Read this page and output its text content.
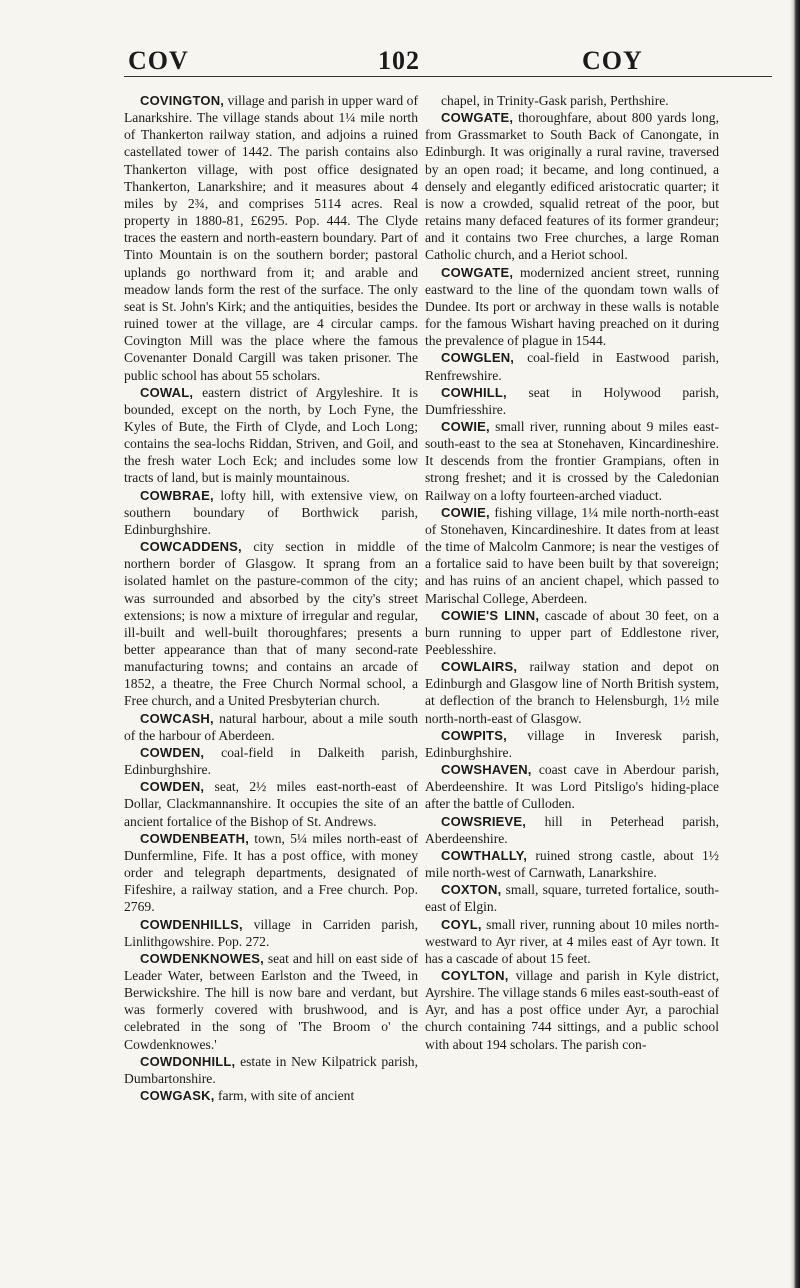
COV	102	COY

COVINGTON, village and parish in upper ward of Lanarkshire. The village stands about 1¼ mile north of Thankerton railway station, and adjoins a ruined castellated tower of 1442. The parish contains also Thankerton village, with post office designated Thankerton, Lanarkshire; and it measures about 4 miles by 2¾, and comprises 5114 acres. Real property in 1880-81, £6295. Pop. 444. The Clyde traces the eastern and north-eastern boundary. Part of Tinto Mountain is on the southern border; pastoral uplands go northward from it; and arable and meadow lands form the rest of the surface. The only seat is St. John's Kirk; and the antiquities, besides the ruined tower at the village, are 4 circular camps. Covington Mill was the place where the famous Covenanter Donald Cargill was taken prisoner. The public school has about 55 scholars.

COWAL, eastern district of Argyleshire. It is bounded, except on the north, by Loch Fyne, the Kyles of Bute, the Firth of Clyde, and Loch Long; contains the sea-lochs Riddan, Striven, and Goil, and the fresh water Loch Eck; and includes some low tracts of land, but is mainly mountainous.

COWBRAE, lofty hill, with extensive view, on southern boundary of Borthwick parish, Edinburghshire.

COWCADDENS, city section in middle of northern border of Glasgow. It sprang from an isolated hamlet on the pasture-common of the city; was surrounded and absorbed by the city's street extensions; is now a mixture of irregular and regular, ill-built and well-built thoroughfares; presents a better appearance than that of many second-rate manufacturing towns; and contains an arcade of 1852, a theatre, the Free Church Normal school, a Free church, and a United Presbyterian church.

COWCASH, natural harbour, about a mile south of the harbour of Aberdeen.

COWDEN, coal-field in Dalkeith parish, Edinburghshire.

COWDEN, seat, 2½ miles east-north-east of Dollar, Clackmannanshire. It occupies the site of an ancient fortalice of the Bishop of St. Andrews.

COWDENBEATH, town, 5¼ miles north-east of Dunfermline, Fife. It has a post office, with money order and telegraph departments, designated of Fifeshire, a railway station, and a Free church. Pop. 2769.

COWDENHILLS, village in Carriden parish, Linlithgowshire. Pop. 272.

COWDENKNOWES, seat and hill on east side of Leader Water, between Earlston and the Tweed, in Berwickshire. The hill is now bare and verdant, but was formerly covered with brushwood, and is celebrated in the song of 'The Broom o' the Cowdenknowes.'

COWDONHILL, estate in New Kilpatrick parish, Dumbartonshire.

COWGASK, farm, with site of ancient

chapel, in Trinity-Gask parish, Perthshire.

COWGATE, thoroughfare, about 800 yards long, from Grassmarket to South Back of Canongate, in Edinburgh. It was originally a rural ravine, traversed by an open road; it became, and long continued, a densely and elegantly edificed aristocratic quarter; it is now a crowded, squalid retreat of the poor, but retains many defaced features of its former grandeur; and it contains two Free churches, a large Roman Catholic church, and a Heriot school.

COWGATE, modernized ancient street, running eastward to the line of the quondam town walls of Dundee. Its port or archway in these walls is notable for the famous Wishart having preached on it during the prevalence of plague in 1544.

COWGLEN, coal-field in Eastwood parish, Renfrewshire.

COWHILL, seat in Holywood parish, Dumfriesshire.

COWIE, small river, running about 9 miles east-south-east to the sea at Stonehaven, Kincardineshire. It descends from the frontier Grampians, often in strong freshet; and it is crossed by the Caledonian Railway on a lofty fourteen-arched viaduct.

COWIE, fishing village, 1¼ mile north-north-east of Stonehaven, Kincardineshire. It dates from at least the time of Malcolm Canmore; is near the vestiges of a fortalice said to have been built by that sovereign; and has ruins of an ancient chapel, which passed to Marischal College, Aberdeen.

COWIE'S LINN, cascade of about 30 feet, on a burn running to upper part of Eddlestone river, Peeblesshire.

COWLAIRS, railway station and depot on Edinburgh and Glasgow line of North British system, at deflection of the branch to Helensburgh, 1½ mile north-north-east of Glasgow.

COWPITS, village in Inveresk parish, Edinburghshire.

COWSHAVEN, coast cave in Aberdour parish, Aberdeenshire. It was Lord Pitsligo's hiding-place after the battle of Culloden.

COWSRIEVE, hill in Peterhead parish, Aberdeenshire.

COWTHALLY, ruined strong castle, about 1½ mile north-west of Carnwath, Lanarkshire.

COXTON, small, square, turreted fortalice, south-east of Elgin.

COYL, small river, running about 10 miles north-westward to Ayr river, at 4 miles east of Ayr town. It has a cascade of about 15 feet.

COYLTON, village and parish in Kyle district, Ayrshire. The village stands 6 miles east-south-east of Ayr, and has a post office under Ayr, a parochial church containing 744 sittings, and a public school with about 194 scholars. The parish con-
